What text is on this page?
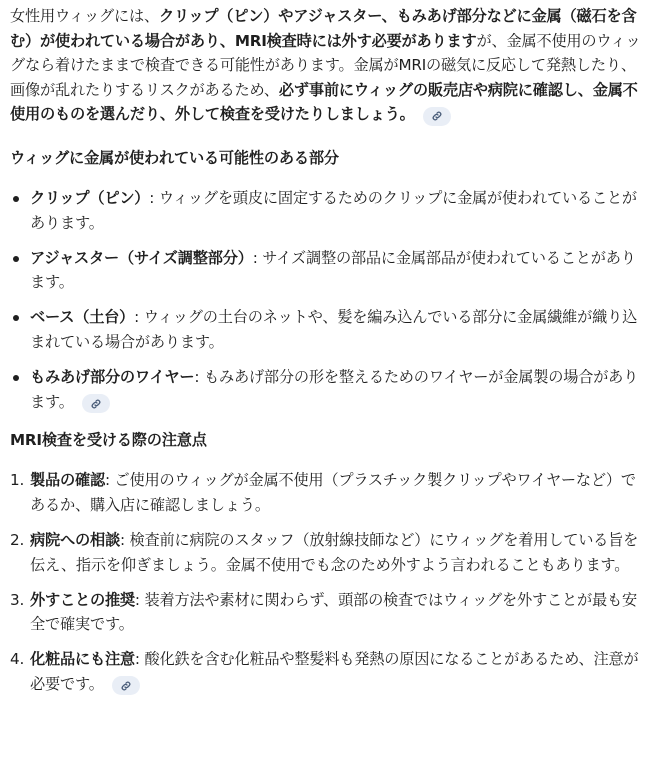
女性用ウィッグには、クリップ（ピン）やアジャスター、もみあげ部分などに金属（磁石を含む）が使われている場合があり、MRI検査時には外す必要がありますが、金属不使用のウィッグなら着けたままで検査できる可能性があります。金属がMRIの磁気に反応して発熱したり、画像が乱れたりするリスクがあるため、必ず事前にウィッグの販売店や病院に確認し、金属不使用のものを選んだり、外して検査を受けたりしましょう。

ウィッグに金属が使われている可能性のある部分
クリップ（ピン）: ウィッグを頭皮に固定するためのクリップに金属が使われていることがあります。
アジャスター（サイズ調整部分）: サイズ調整の部品に金属部品が使われていることがあります。
ベース（土台）: ウィッグの土台のネットや、髪を編み込んでいる部分に金属繊維が織り込まれている場合があります。
もみあげ部分のワイヤー: もみあげ部分の形を整えるためのワイヤーが金属製の場合があります。
MRI検査を受ける際の注意点
1. 製品の確認: ご使用のウィッグが金属不使用（プラスチック製クリップやワイヤーなど）であるか、購入店に確認しましょう。
2. 病院への相談: 検査前に病院のスタッフ（放射線技師など）にウィッグを着用している旨を伝え、指示を仰ぎましょう。金属不使用でも念のため外すよう言われることもあります。
3. 外すことの推奨: 装着方法や素材に関わらず、頭部の検査ではウィッグを外すことが最も安全で確実です。
4. 化粧品にも注意: 酸化鉄を含む化粧品や整髪料も発熱の原因になることがあるため、注意が必要です。
